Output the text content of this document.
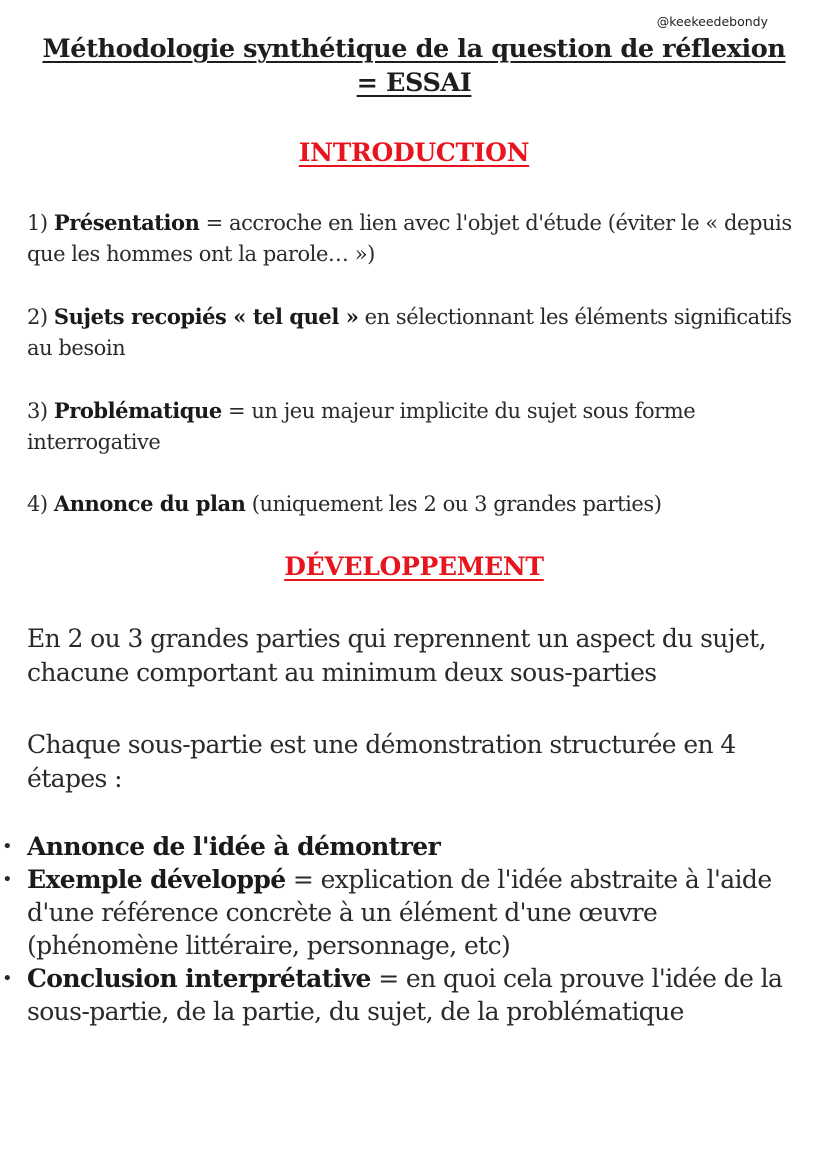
@keekeedebondy
Méthodologie synthétique de la question de réflexion = ESSAI
INTRODUCTION
1) Présentation = accroche en lien avec l'objet d'étude (éviter le « depuis que les hommes ont la parole… »)
2) Sujets recopiés « tel quel » en sélectionnant les éléments significatifs au besoin
3) Problématique = un jeu majeur implicite du sujet sous forme interrogative
4) Annonce du plan (uniquement les 2 ou 3 grandes parties)
DÉVELOPPEMENT
En 2 ou 3 grandes parties qui reprennent un aspect du sujet, chacune comportant au minimum deux sous-parties
Chaque sous-partie est une démonstration structurée en 4 étapes :
• Annonce de l'idée à démontrer
• Exemple développé = explication de l'idée abstraite à l'aide d'une référence concrète à un élément d'une œuvre (phénomène littéraire, personnage, etc)
• Conclusion interprétative = en quoi cela prouve l'idée de la sous-partie, de la partie, du sujet, de la problématique
